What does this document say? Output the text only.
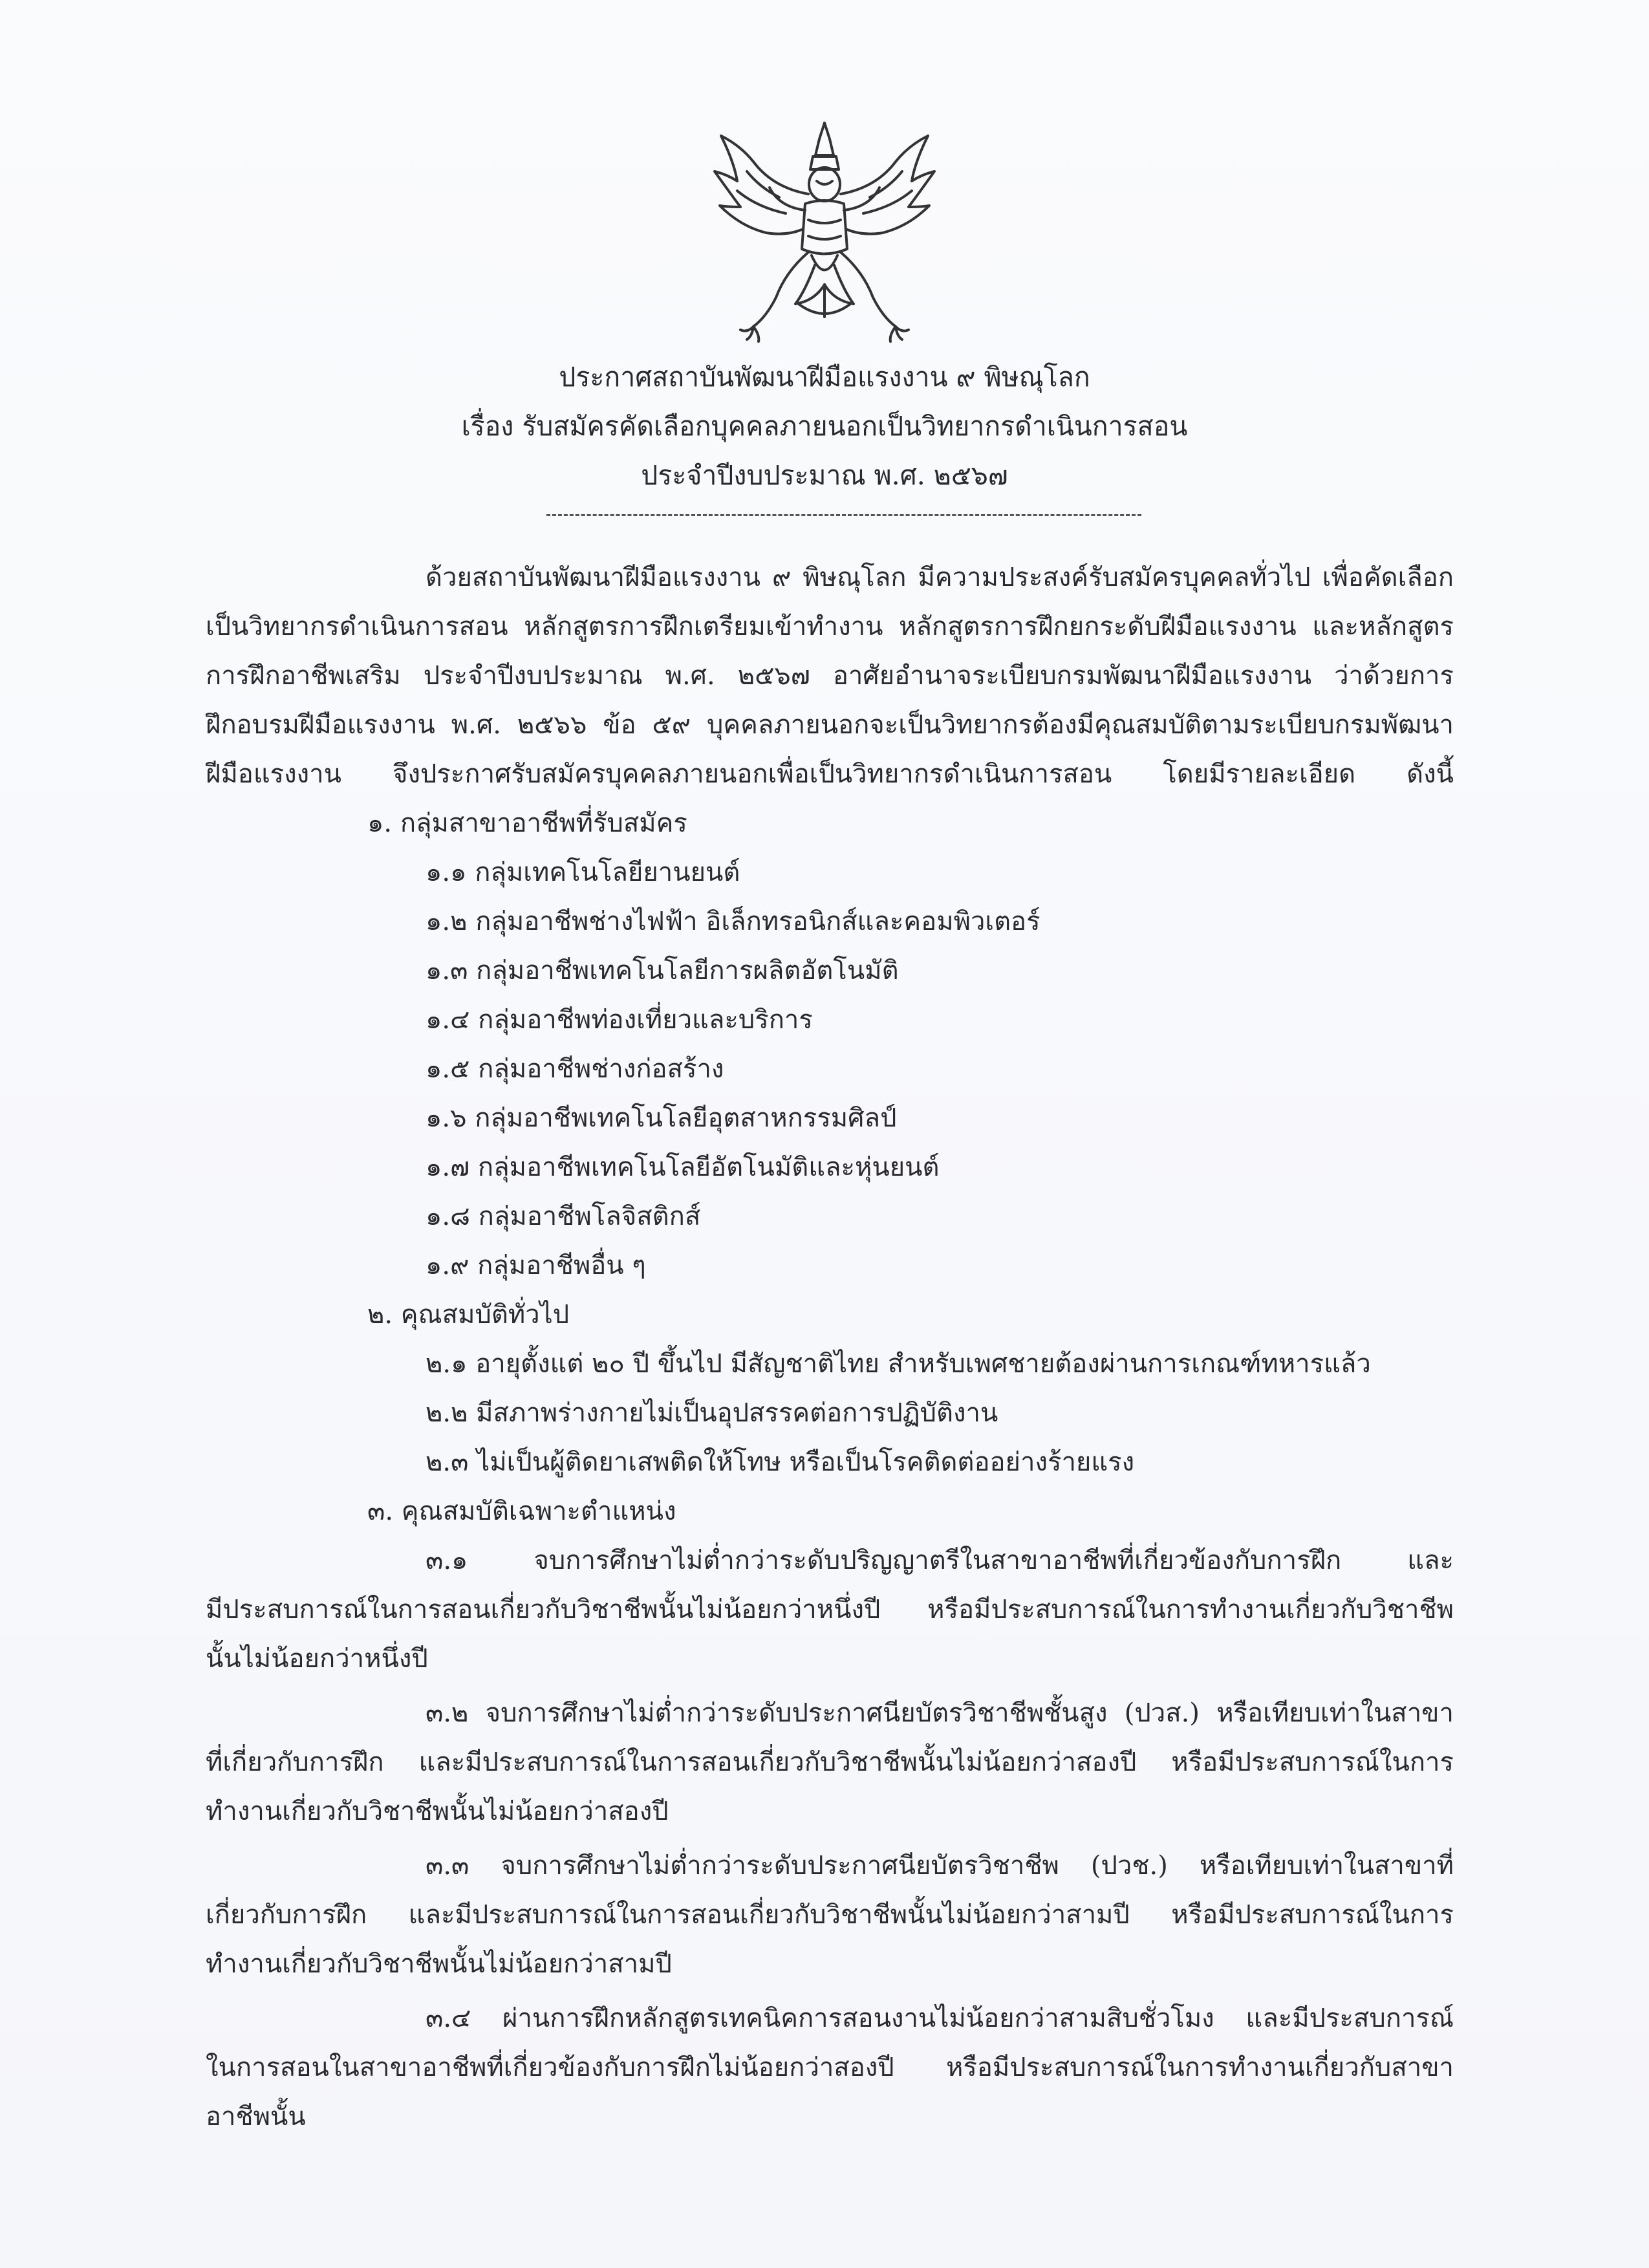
ประกาศสถาบันพัฒนาฝีมือแรงงาน ๙ พิษณุโลก
เรื่อง รับสมัครคัดเลือกบุคคลภายนอกเป็นวิทยากรดำเนินการสอน
ประจำปีงบประมาณ พ.ศ. ๒๕๖๗

ด้วยสถาบันพัฒนาฝีมือแรงงาน ๙ พิษณุโลก มีความประสงค์รับสมัครบุคคลทั่วไป เพื่อคัดเลือก

เป็นวิทยากรดำเนินการสอน หลักสูตรการฝึกเตรียมเข้าทำงาน หลักสูตรการฝึกยกระดับฝีมือแรงงาน และหลักสูตร

การฝึกอาชีพเสริม ประจำปีงบประมาณ พ.ศ. ๒๕๖๗ อาศัยอำนาจระเบียบกรมพัฒนาฝีมือแรงงาน ว่าด้วยการ

ฝึกอบรมฝีมือแรงงาน พ.ศ. ๒๕๖๖ ข้อ ๕๙ บุคคลภายนอกจะเป็นวิทยากรต้องมีคุณสมบัติตามระเบียบกรมพัฒนา

ฝีมือแรงงาน จึงประกาศรับสมัครบุคคลภายนอกเพื่อเป็นวิทยากรดำเนินการสอน โดยมีรายละเอียด ดังนี้

๑. กลุ่มสาขาอาชีพที่รับสมัคร

๑.๑ กลุ่มเทคโนโลยียานยนต์

๑.๒ กลุ่มอาชีพช่างไฟฟ้า อิเล็กทรอนิกส์และคอมพิวเตอร์

๑.๓ กลุ่มอาชีพเทคโนโลยีการผลิตอัตโนมัติ

๑.๔ กลุ่มอาชีพท่องเที่ยวและบริการ

๑.๕ กลุ่มอาชีพช่างก่อสร้าง

๑.๖ กลุ่มอาชีพเทคโนโลยีอุตสาหกรรมศิลป์

๑.๗ กลุ่มอาชีพเทคโนโลยีอัตโนมัติและหุ่นยนต์

๑.๘ กลุ่มอาชีพโลจิสติกส์

๑.๙ กลุ่มอาชีพอื่น ๆ

๒. คุณสมบัติทั่วไป

๒.๑ อายุตั้งแต่ ๒๐ ปี ขึ้นไป มีสัญชาติไทย สำหรับเพศชายต้องผ่านการเกณฑ์ทหารแล้ว

๒.๒ มีสภาพร่างกายไม่เป็นอุปสรรคต่อการปฏิบัติงาน

๒.๓ ไม่เป็นผู้ติดยาเสพติดให้โทษ หรือเป็นโรคติดต่ออย่างร้ายแรง

๓. คุณสมบัติเฉพาะตำแหน่ง

๓.๑ จบการศึกษาไม่ต่ำกว่าระดับปริญญาตรีในสาขาอาชีพที่เกี่ยวข้องกับการฝึก และ

มีประสบการณ์ในการสอนเกี่ยวกับวิชาชีพนั้นไม่น้อยกว่าหนึ่งปี หรือมีประสบการณ์ในการทำงานเกี่ยวกับวิชาชีพ

นั้นไม่น้อยกว่าหนึ่งปี

๓.๒ จบการศึกษาไม่ต่ำกว่าระดับประกาศนียบัตรวิชาชีพชั้นสูง (ปวส.) หรือเทียบเท่าในสาขา

ที่เกี่ยวกับการฝึก และมีประสบการณ์ในการสอนเกี่ยวกับวิชาชีพนั้นไม่น้อยกว่าสองปี หรือมีประสบการณ์ในการ

ทำงานเกี่ยวกับวิชาชีพนั้นไม่น้อยกว่าสองปี

๓.๓ จบการศึกษาไม่ต่ำกว่าระดับประกาศนียบัตรวิชาชีพ (ปวช.) หรือเทียบเท่าในสาขาที่

เกี่ยวกับการฝึก และมีประสบการณ์ในการสอนเกี่ยวกับวิชาชีพนั้นไม่น้อยกว่าสามปี หรือมีประสบการณ์ในการ

ทำงานเกี่ยวกับวิชาชีพนั้นไม่น้อยกว่าสามปี

๓.๔ ผ่านการฝึกหลักสูตรเทคนิคการสอนงานไม่น้อยกว่าสามสิบชั่วโมง และมีประสบการณ์

ในการสอนในสาขาอาชีพที่เกี่ยวข้องกับการฝึกไม่น้อยกว่าสองปี หรือมีประสบการณ์ในการทำงานเกี่ยวกับสาขา

อาชีพนั้น
